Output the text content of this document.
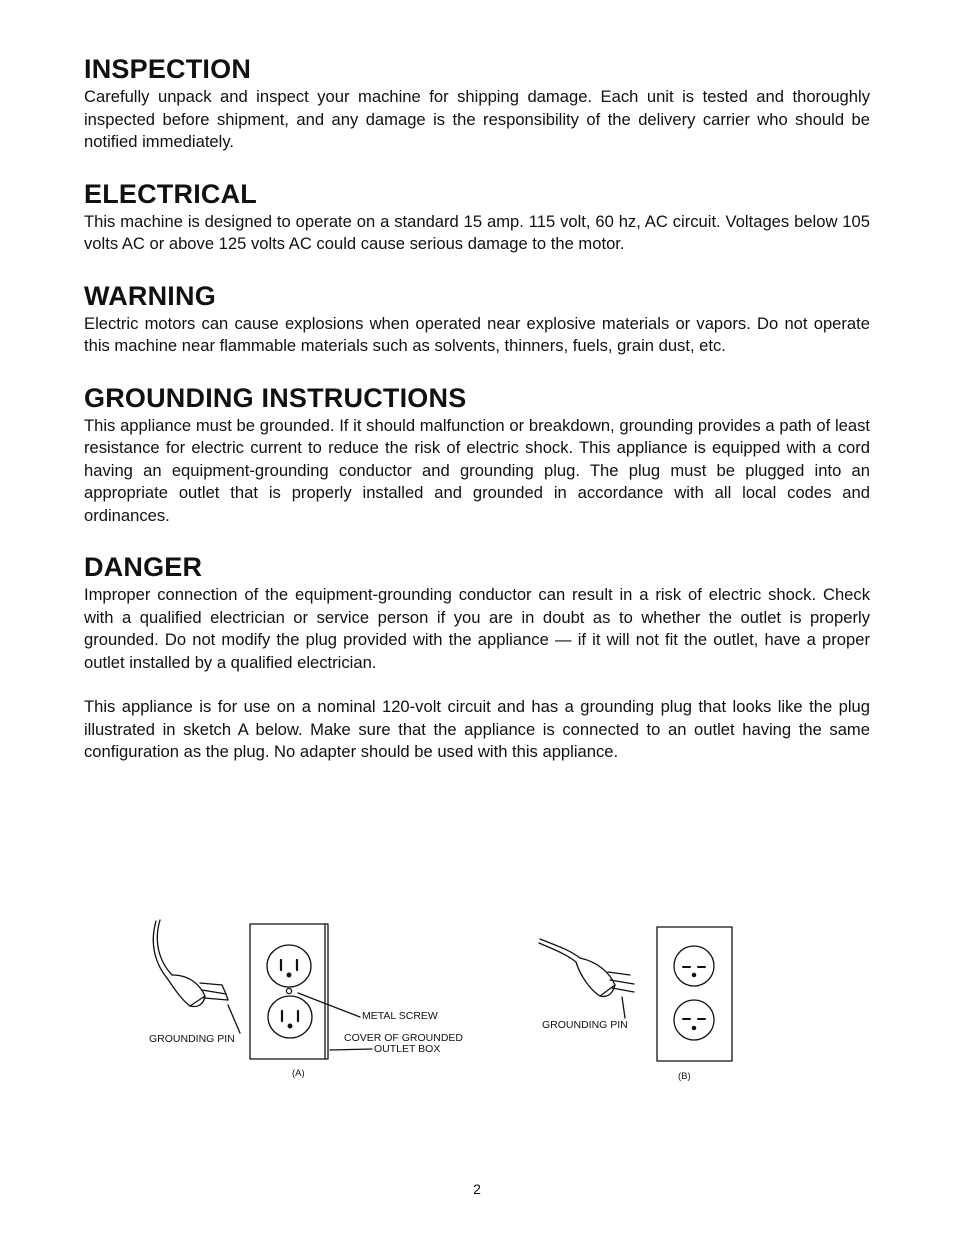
INSPECTION

Carefully unpack and inspect your machine for shipping damage. Each unit is tested and thoroughly inspected before shipment, and any damage is the responsibility of the delivery carrier who should be notified immediately.

ELECTRICAL

This machine is designed to operate on a standard 15 amp. 115 volt, 60 hz, AC circuit. Voltages below 105 volts AC or above 125 volts AC could cause serious damage to the motor.

WARNING

Electric motors can cause explosions when operated near explosive materials or vapors. Do not operate this machine near flammable materials such as solvents, thinners, fuels, grain dust, etc.

GROUNDING INSTRUCTIONS

This appliance must be grounded. If it should malfunction or breakdown, grounding provides a path of least resistance for electric current to reduce the risk of electric shock. This appliance is equipped with a cord having an equipment-grounding conductor and grounding plug. The plug must be plugged into an appropriate outlet that is properly installed and grounded in accordance with all local codes and ordinances.

DANGER

Improper connection of the equipment-grounding conductor can result in a risk of electric shock. Check with a qualified electrician or service person if you are in doubt as to whether the outlet is properly grounded. Do not modify the plug provided with the appliance — if it will not fit the outlet, have a proper outlet installed by a qualified electrician.

This appliance is for use on a nominal 120-volt circuit and has a grounding plug that looks like the plug illustrated in sketch A below. Make sure that the appliance is connected to an outlet having the same configuration as the plug. No adapter should be used with this appliance.

GROUNDING PIN
METAL SCREW
COVER OF GROUNDED
OUTLET BOX
(A)
GROUNDING PIN
(B)
2
